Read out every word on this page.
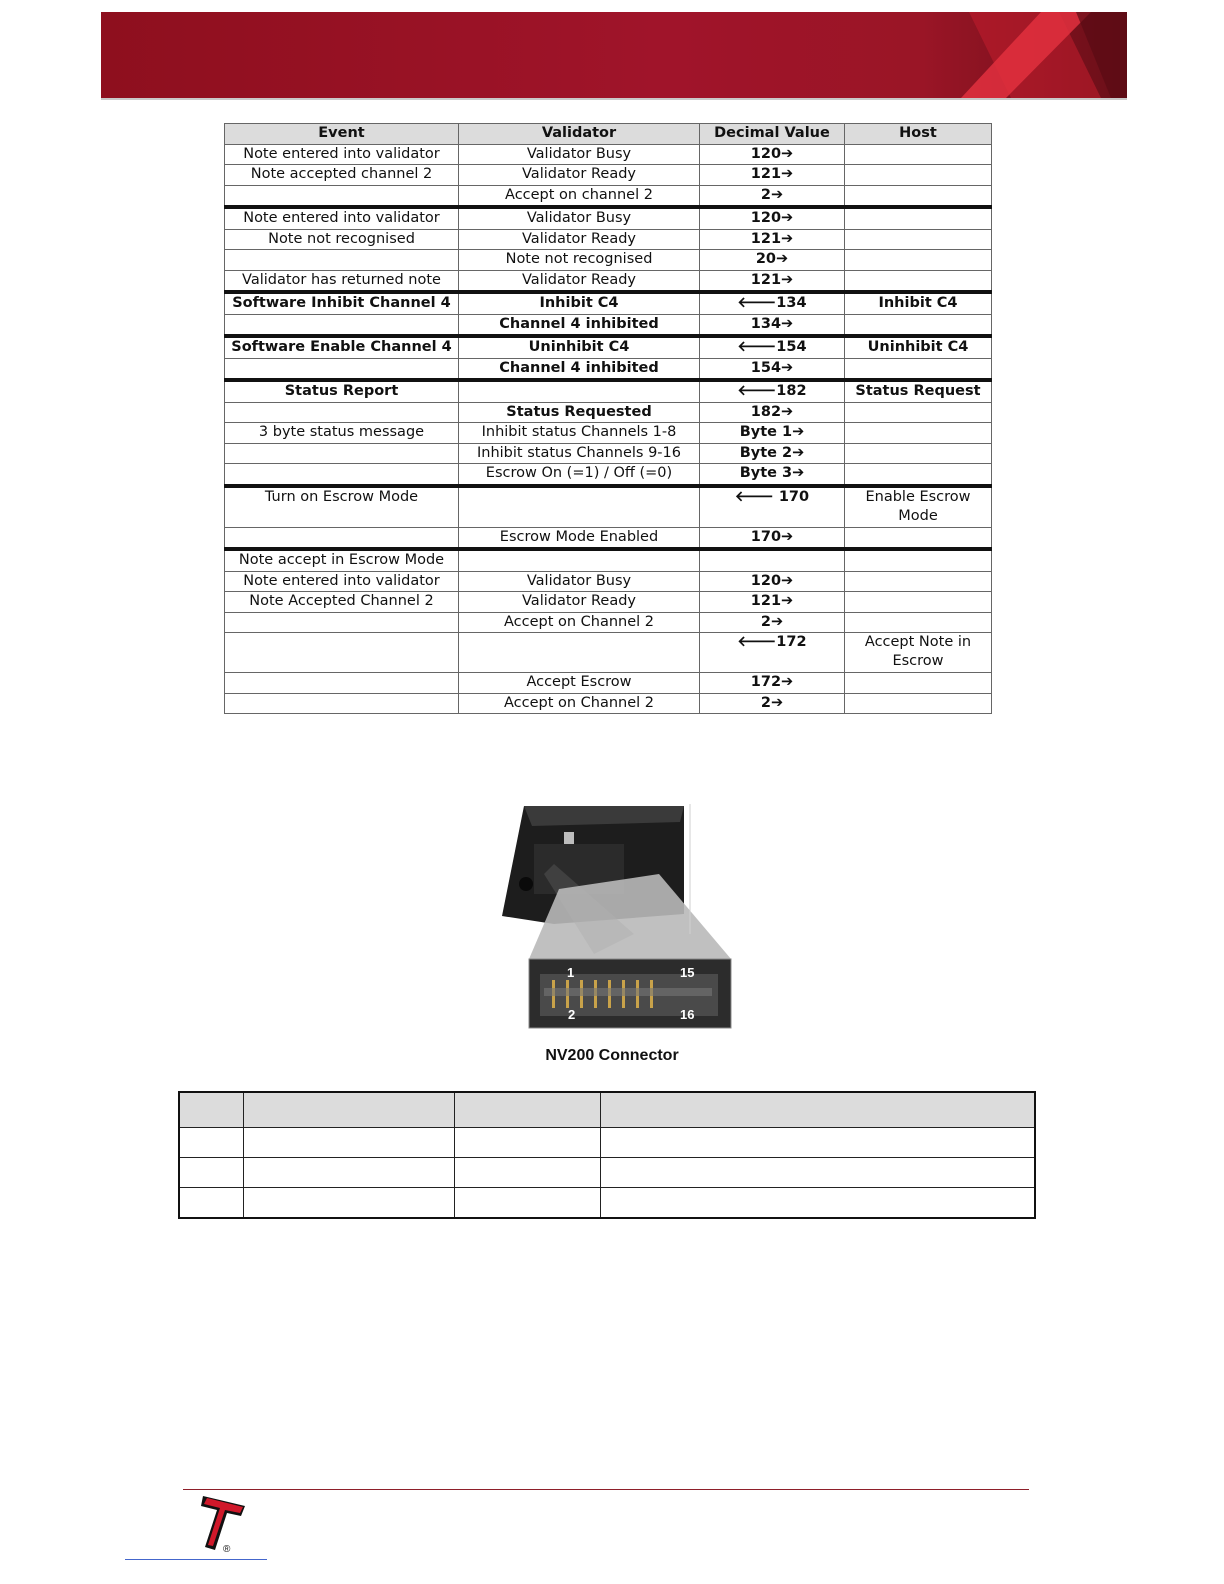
Event	Validator	Decimal Value	Host
Note entered into validator	Validator Busy	120➔	
Note accepted channel 2	Validator Ready	121➔	
	Accept on channel 2	2➔	
Note entered into validator	Validator Busy	120➔	
Note not recognised	Validator Ready	121➔	
	Note not recognised	20➔	
Validator has returned note	Validator Ready	121➔	
Software Inhibit Channel 4	Inhibit C4	🡐134	Inhibit C4
	Channel 4 inhibited	134➔	
Software Enable Channel 4	Uninhibit C4	🡐154	Uninhibit C4
	Channel 4 inhibited	154➔	
Status Report		🡐182	Status Request
	Status Requested	182➔	
3 byte status message	Inhibit status Channels 1-8	Byte 1➔	
	Inhibit status Channels 9-16	Byte 2➔	
	Escrow On (=1) / Off (=0)	Byte 3➔	
Turn on Escrow Mode		🡐 170	Enable Escrow Mode
	Escrow Mode Enabled	170➔	
Note accept in Escrow Mode			
Note entered into validator	Validator Busy	120➔	
Note Accepted Channel 2	Validator Ready	121➔	
	Accept on Channel 2	2➔	
		🡐172	Accept Note in Escrow
	Accept Escrow	172➔	
	Accept on Channel 2	2➔	
1	15
2	16
NV200 Connector

®
